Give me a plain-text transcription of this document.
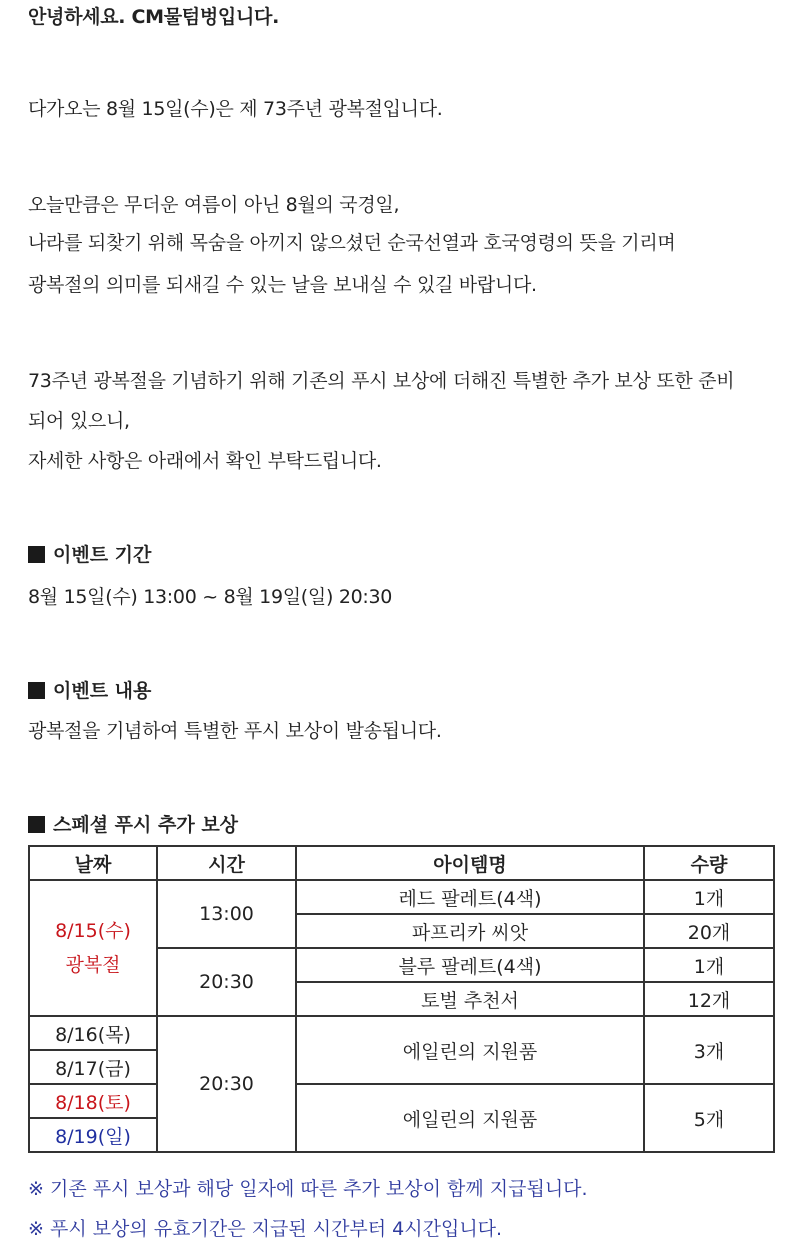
안녕하세요. CM물텀벙입니다.
다가오는 8월 15일(수)은 제 73주년 광복절입니다.
오늘만큼은 무더운 여름이 아닌 8월의 국경일,
나라를 되찾기 위해 목숨을 아끼지 않으셨던 순국선열과 호국영령의 뜻을 기리며
광복절의 의미를 되새길 수 있는 날을 보내실 수 있길 바랍니다.
73주년 광복절을 기념하기 위해 기존의 푸시 보상에 더해진 특별한 추가 보상 또한 준비
되어 있으니,
자세한 사항은 아래에서 확인 부탁드립니다.
이벤트 기간
8월 15일(수) 13:00 ~ 8월 19일(일) 20:30
이벤트 내용
광복절을 기념하여 특별한 푸시 보상이 발송됩니다.
스페셜 푸시 추가 보상
날짜	시간	아이템명	수량

8/15(수)
광복절	13:00	레드 팔레트(4색)	1개
		파프리카 씨앗	20개
	20:30	블루 팔레트(4색)	1개
		토벌 추천서	12개
8/16(목)	20:30	에일린의 지원품	3개
8/17(금)			
8/18(토)		에일린의 지원품	5개
8/19(일)			
※ 기존 푸시 보상과 해당 일자에 따른 추가 보상이 함께 지급됩니다.
※ 푸시 보상의 유효기간은 지급된 시간부터 4시간입니다.
